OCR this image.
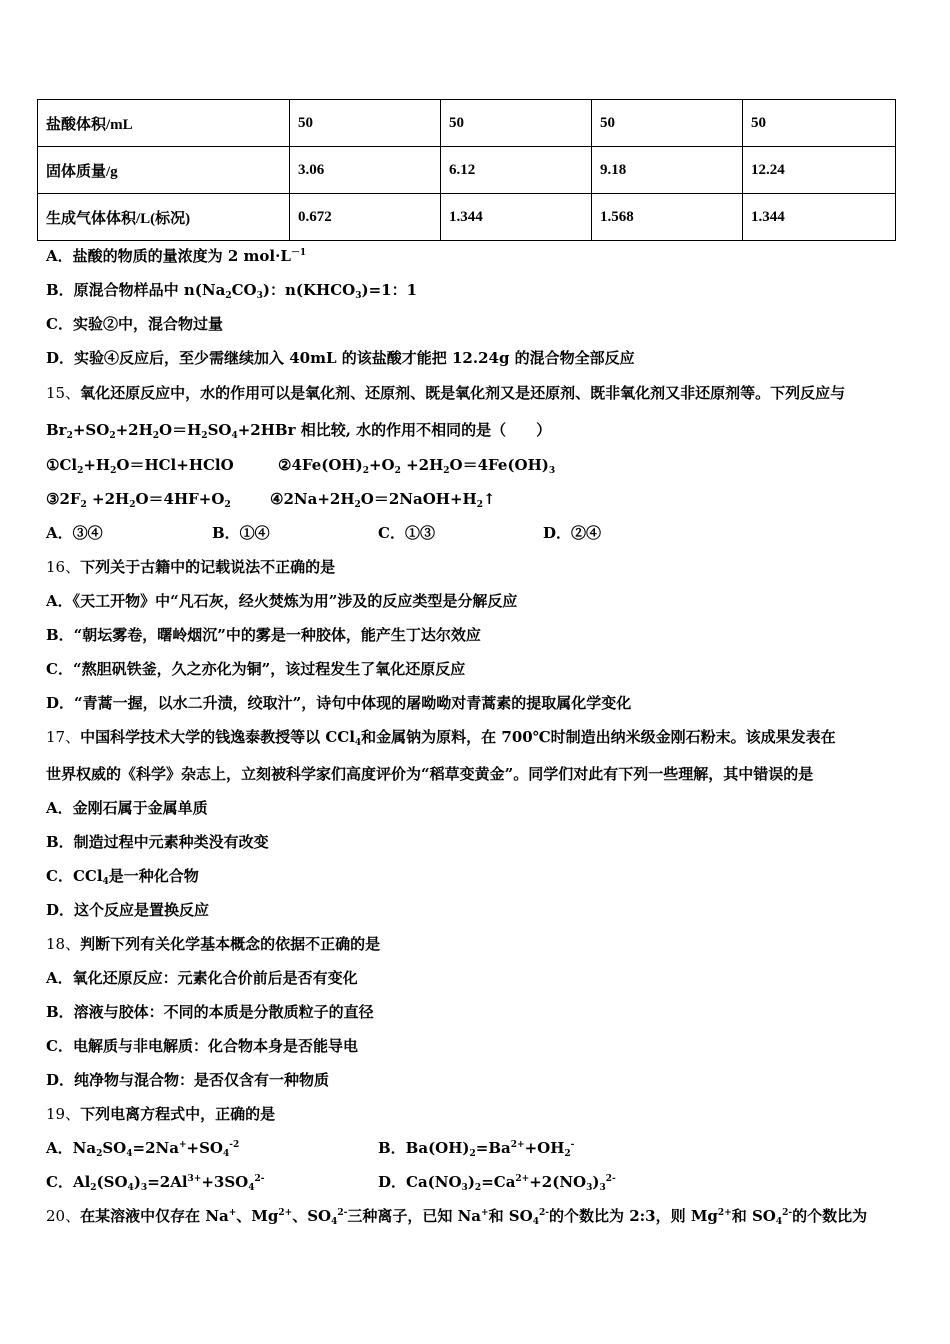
盐酸体积/mL	50	50	50	50
固体质量/g	3.06	6.12	9.18	12.24
生成气体体积/L(标况)	0.672	1.344	1.568	1.344
A．盐酸的物质的量浓度为 2 $mol\cdot L^{-1}$
B．原混合物样品中 $n(Na_2CO_3)$：$n(KHCO_3)=1$：1
C．实验②中，混合物过量
D．实验④反应后，至少需继续加入 40mL 的该盐酸才能把 12.24g 的混合物全部反应
15、氧化还原反应中，水的作用可以是氧化剂、还原剂、既是氧化剂又是还原剂、既非氧化剂又非还原剂等。下列反应与
$Br_2+SO_2+2H_2O=H_2SO_4+2HBr$ 相比较, 水的作用不相同的是（　　）
$①Cl_2+H_2O=HCl+HClO$	$②4Fe(OH)_2+O_2 +2H_2O=4Fe(OH)_3$
$③2F_2 +2H_2O=4HF+O_2$	$④2Na+2H_2O=2NaOH+H_2↑$
A．③④	B．①④	C．①③	D．②④
16、下列关于古籍中的记载说法不正确的是
A．《天工开物》中“凡石灰，经火焚炼为用”涉及的反应类型是分解反应
B．“朝坛雾卷，曙岭烟沉”中的雾是一种胶体，能产生丁达尔效应
C．“熬胆矾铁釜，久之亦化为铜”，该过程发生了氧化还原反应
D．“青蒿一握，以水二升渍，绞取汁”，诗句中体现的屠呦呦对青蒿素的提取属化学变化
17、中国科学技术大学的钱逸泰教授等以 CCl$_4$和金属钠为原料，在 700℃时制造出纳米级金刚石粉末。该成果发表在
世界权威的《科学》杂志上，立刻被科学家们高度评价为“稻草变黄金”。同学们对此有下列一些理解，其中错误的是
A．金刚石属于金属单质
B．制造过程中元素种类没有改变
C．CCl$_4$是一种化合物
D．这个反应是置换反应
18、判断下列有关化学基本概念的依据不正确的是
A．氧化还原反应：元素化合价前后是否有变化
B．溶液与胶体：不同的本质是分散质粒子的直径
C．电解质与非电解质：化合物本身是否能导电
D．纯净物与混合物：是否仅含有一种物质
19、下列电离方程式中，正确的是
A．$Na_2SO_4=2Na^++SO_4^{-2}$	B．$Ba(OH)_2=Ba^{2+}+OH_2^-$
C．$Al_2(SO_4)_3=2Al^{3+}+3SO_4^{2-}$	D．$Ca(NO_3)_2=Ca^{2+}+2(NO_3)_3^{2-}$
20、在某溶液中仅存在 Na+、$Mg^{2+}$、$SO_4^{2-}$三种离子，已知 Na+和 $SO_4^{2-}$的个数比为 2:3，则 $Mg^{2+}$和 $SO_4^{2-}$的个数比为
